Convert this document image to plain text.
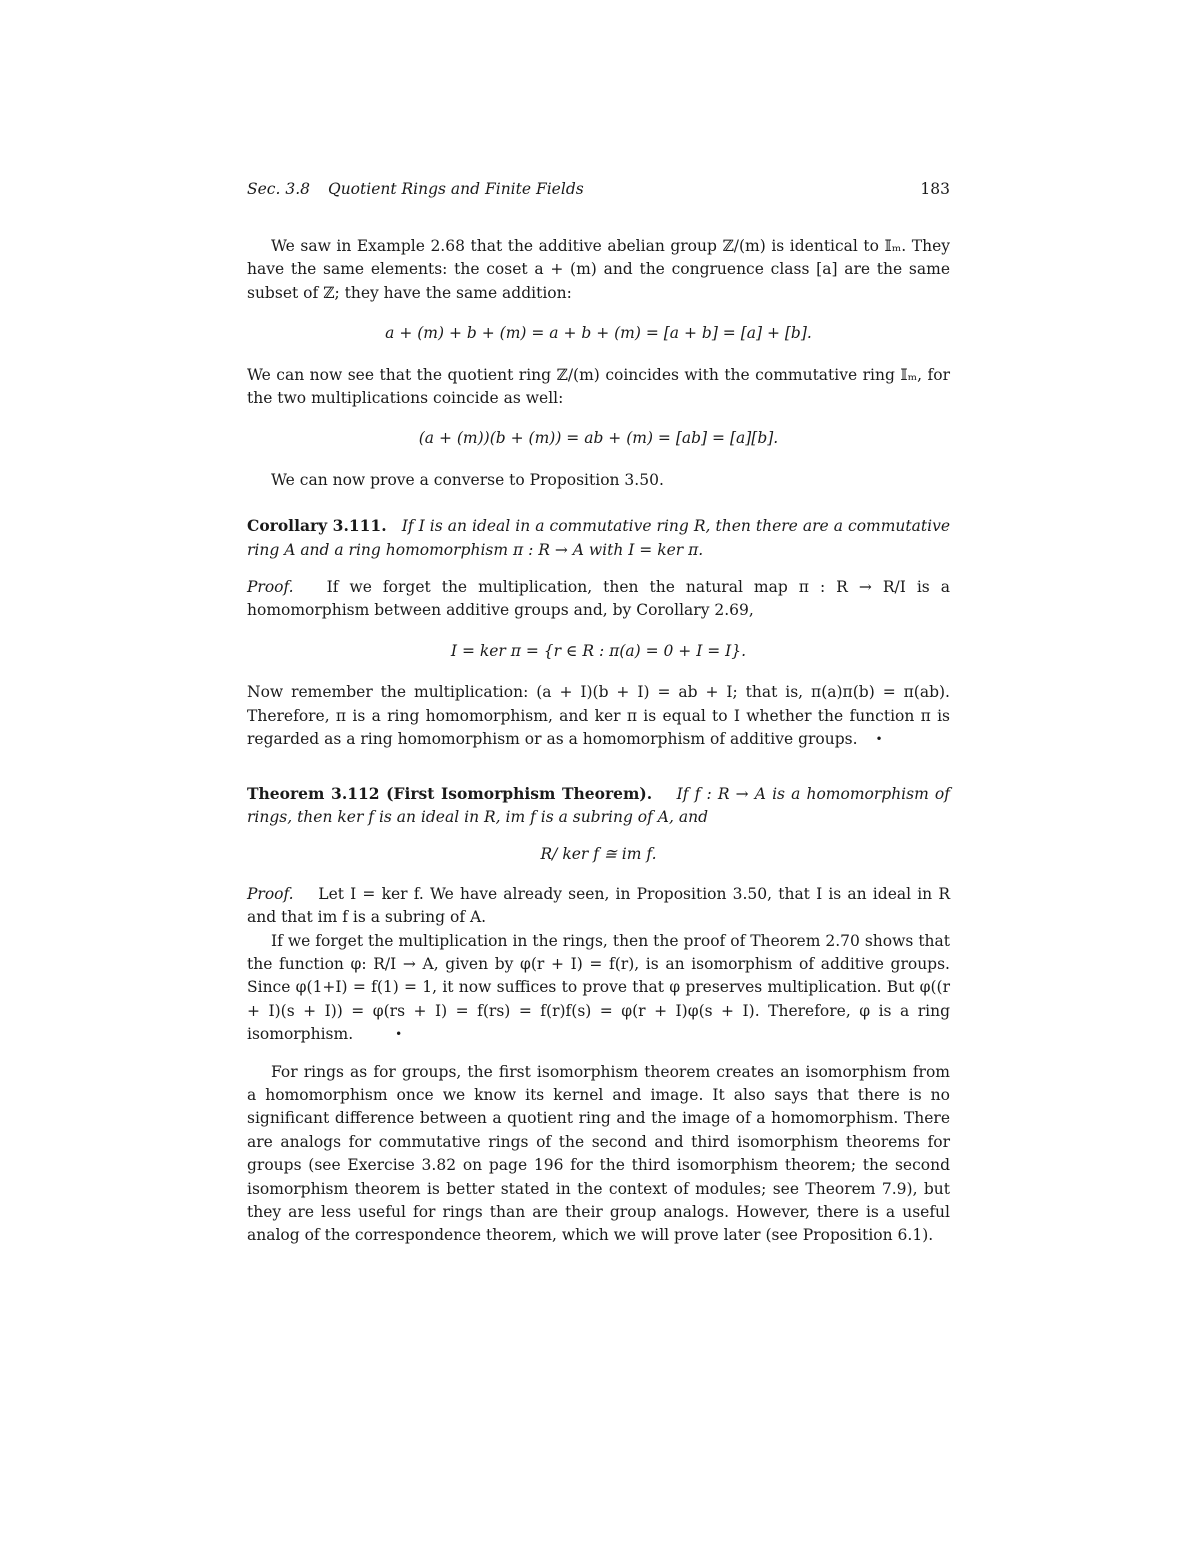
Sec. 3.8 Quotient Rings and Finite Fields	183

We saw in Example 2.68 that the additive abelian group ℤ/(m) is identical to 𝕀ₘ. They have the same elements: the coset a + (m) and the congruence class [a] are the same subset of ℤ; they have the same addition:

a + (m) + b + (m) = a + b + (m) = [a + b] = [a] + [b].

We can now see that the quotient ring ℤ/(m) coincides with the commutative ring 𝕀ₘ, for the two multiplications coincide as well:

(a + (m))(b + (m)) = ab + (m) = [ab] = [a][b].

We can now prove a converse to Proposition 3.50.

Corollary 3.111. If I is an ideal in a commutative ring R, then there are a commutative ring A and a ring homomorphism π : R → A with I = ker π.

Proof. If we forget the multiplication, then the natural map π : R → R/I is a homomorphism between additive groups and, by Corollary 2.69,

I = ker π = {r ∈ R : π(a) = 0 + I = I}.

Now remember the multiplication: (a + I)(b + I) = ab + I; that is, π(a)π(b) = π(ab). Therefore, π is a ring homomorphism, and ker π is equal to I whether the function π is regarded as a ring homomorphism or as a homomorphism of additive groups. •

Theorem 3.112 (First Isomorphism Theorem). If f : R → A is a homomorphism of rings, then ker f is an ideal in R, im f is a subring of A, and

R/ ker f ≅ im f.

Proof. Let I = ker f. We have already seen, in Proposition 3.50, that I is an ideal in R and that im f is a subring of A.

If we forget the multiplication in the rings, then the proof of Theorem 2.70 shows that the function φ: R/I → A, given by φ(r + I) = f(r), is an isomorphism of additive groups. Since φ(1+I) = f(1) = 1, it now suffices to prove that φ preserves multiplication. But φ((r + I)(s + I)) = φ(rs + I) = f(rs) = f(r)f(s) = φ(r + I)φ(s + I). Therefore, φ is a ring isomorphism.	•

For rings as for groups, the first isomorphism theorem creates an isomorphism from a homomorphism once we know its kernel and image. It also says that there is no significant difference between a quotient ring and the image of a homomorphism. There are analogs for commutative rings of the second and third isomorphism theorems for groups (see Exercise 3.82 on page 196 for the third isomorphism theorem; the second isomorphism theorem is better stated in the context of modules; see Theorem 7.9), but they are less useful for rings than are their group analogs. However, there is a useful analog of the correspondence theorem, which we will prove later (see Proposition 6.1).
